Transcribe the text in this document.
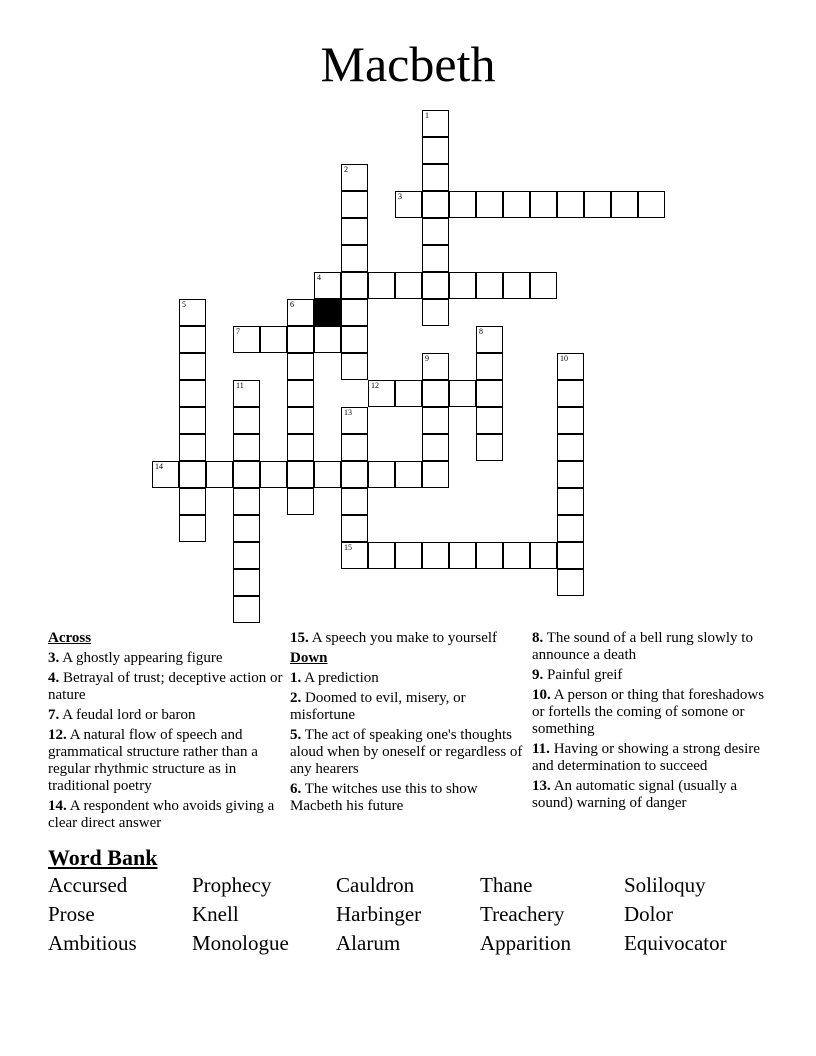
Macbeth
1
2
3
4
5	6
7	8
9	10
11	12
13
15
14
Across
3. A ghostly appearing figure
4. Betrayal of trust; deceptive action or nature
7. A feudal lord or baron
12. A natural flow of speech and grammatical structure rather than a regular rhythmic structure as in traditional poetry
14. A respondent who avoids giving a clear direct answer
15. A speech you make to yourself
Down
1. A prediction
2. Doomed to evil, misery, or misfortune
5. The act of speaking one's thoughts aloud when by oneself or regardless of any hearers
6. The witches use this to show Macbeth his future
8. The sound of a bell rung slowly to announce a death
9. Painful greif
10. A person or thing that foreshadows or fortells the coming of somone or something
11. Having or showing a strong desire and determination to succeed
13. An automatic signal (usually a sound) warning of danger
Word Bank
Accursed	Prophecy	Cauldron	Thane	Soliloquy
Prose	Knell	Harbinger	Treachery	Dolor
Ambitious	Monologue	Alarum	Apparition	Equivocator
